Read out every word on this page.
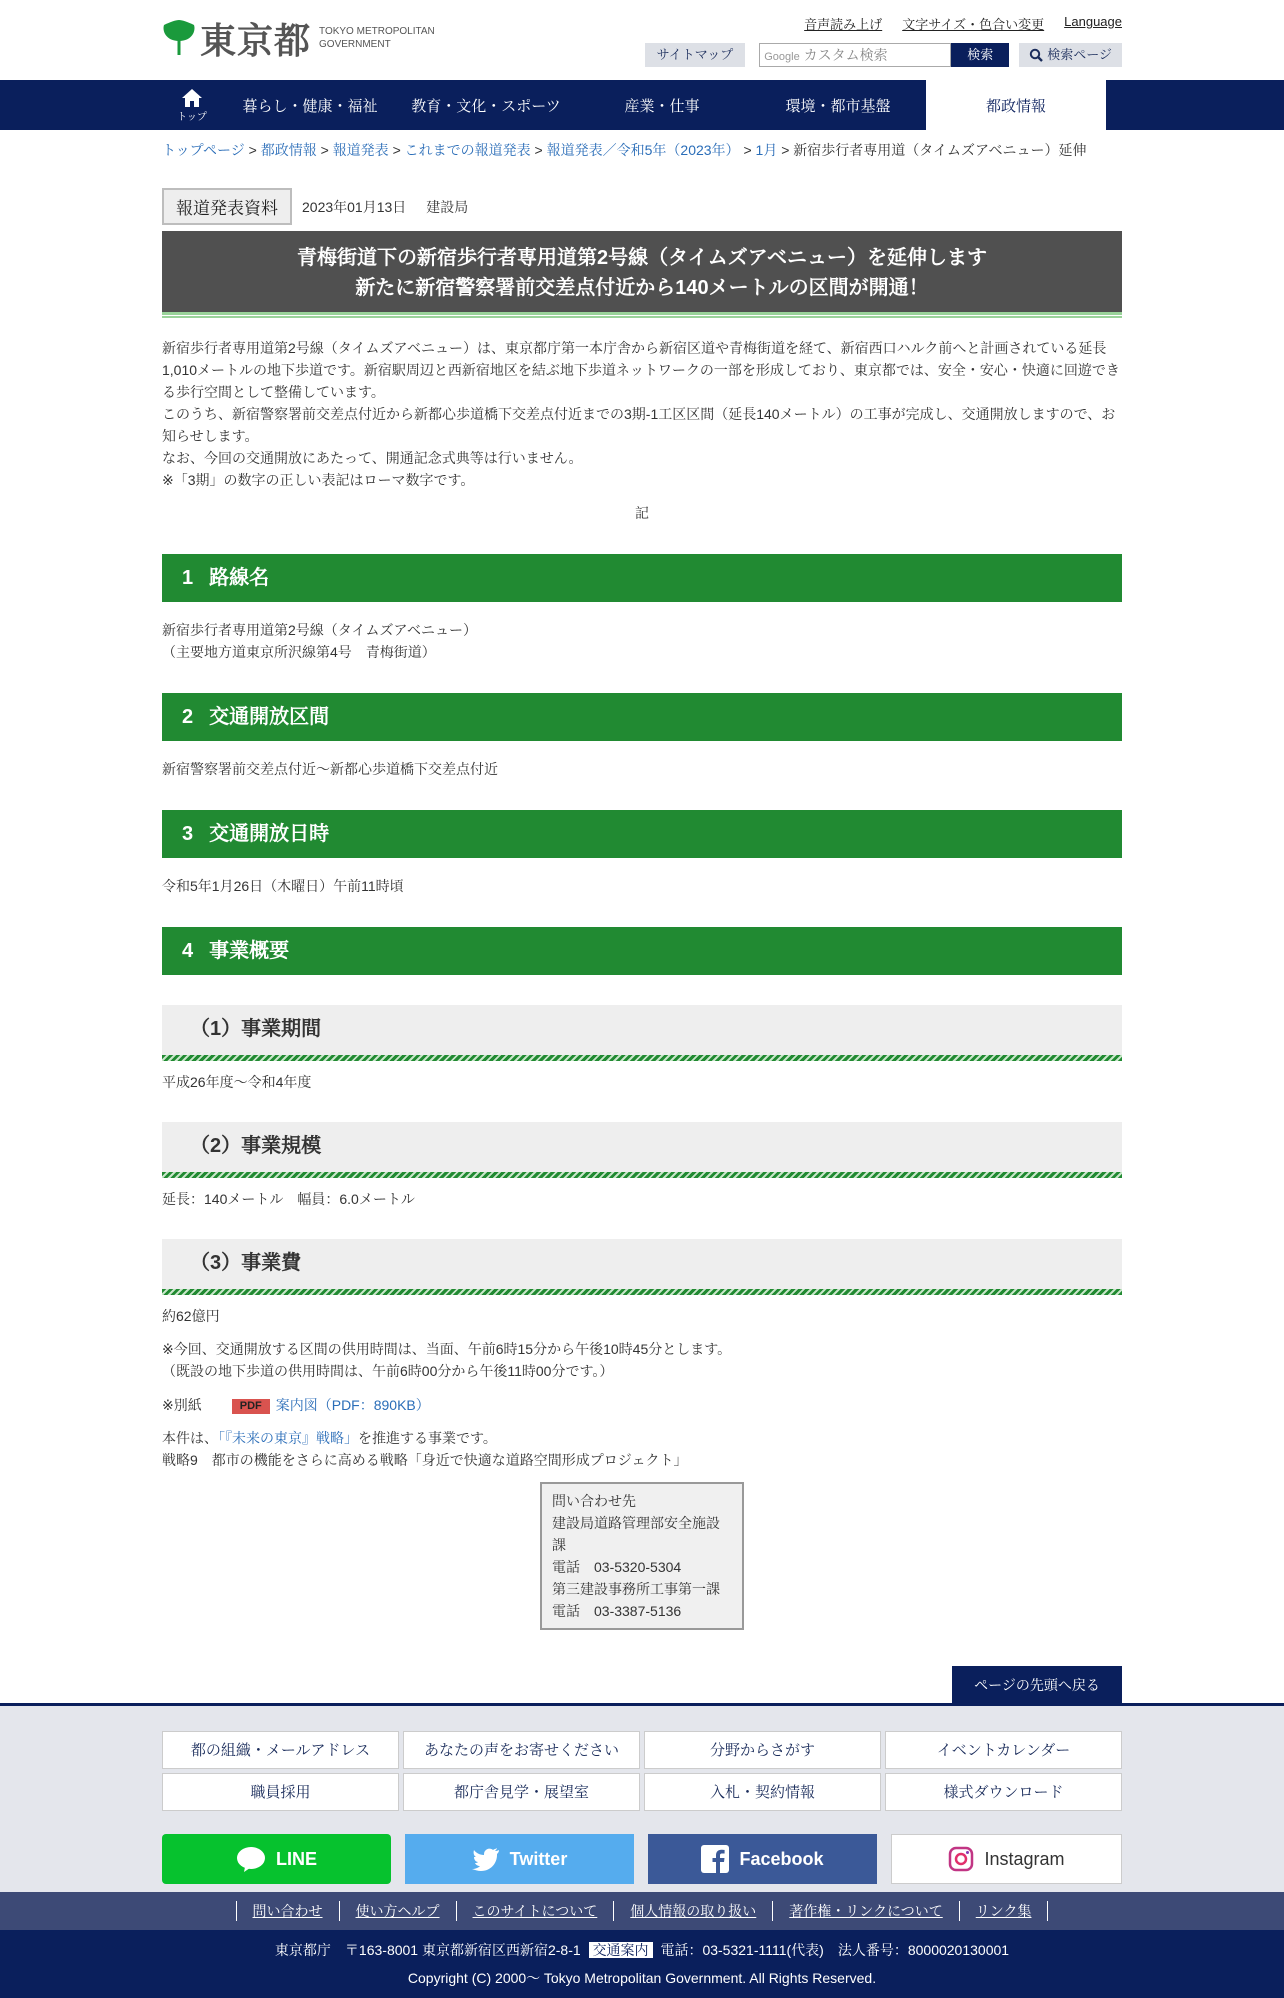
東京都 TOKYO METROPOLITAN
GOVERNMENT
音声読み上げ 文字サイズ・色合い変更 Language
サイトマップ	Google カスタム検索	検索	検索ページ
トップ
暮らし・健康・福祉	教育・文化・スポーツ	産業・仕事	環境・都市基盤	都政情報
トップページ > 都政情報 > 報道発表 > これまでの報道発表 > 報道発表／令和5年（2023年） > 1月 > 新宿歩行者専用道（タイムズアベニュー）延伸
報道発表資料	2023年01月13日 建設局
青梅街道下の新宿歩行者専用道第2号線（タイムズアベニュー）を延伸します
新たに新宿警察署前交差点付近から140メートルの区間が開通！

新宿歩行者専用道第2号線（タイムズアベニュー）は、東京都庁第一本庁舎から新宿区道や青梅街道を経て、新宿西口ハルク前へと計画されている延長1,010メートルの地下歩道です。新宿駅周辺と西新宿地区を結ぶ地下歩道ネットワークの一部を形成しており、東京都では、安全・安心・快適に回遊できる歩行空間として整備しています。

このうち、新宿警察署前交差点付近から新都心歩道橋下交差点付近までの3期-1工区区間（延長140メートル）の工事が完成し、交通開放しますので、お知らせします。

なお、今回の交通開放にあたって、開通記念式典等は行いません。

※「3期」の数字の正しい表記はローマ数字です。

記
1 路線名
新宿歩行者専用道第2号線（タイムズアベニュー）
（主要地方道東京所沢線第4号　青梅街道）
2 交通開放区間
新宿警察署前交差点付近～新都心歩道橋下交差点付近
3 交通開放日時
令和5年1月26日（木曜日）午前11時頃
4 事業概要
（1）事業期間
平成26年度～令和4年度
（2）事業規模
延長：140メートル　幅員：6.0メートル
（3）事業費
約62億円
※今回、交通開放する区間の供用時間は、当面、午前6時15分から午後10時45分とします。
（既設の地下歩道の供用時間は、午前6時00分から午後11時00分です。）
※別紙	PDF 案内図（PDF：890KB）
本件は、「『未来の東京』戦略」を推進する事業です。
戦略9　都市の機能をさらに高める戦略「身近で快適な道路空間形成プロジェクト」
問い合わせ先
建設局道路管理部安全施設課
電話　03-5320-5304
第三建設事務所工事第一課
電話　03-3387-5136
ページの先頭へ戻る
都の組織・メールアドレス	あなたの声をお寄せください	分野からさがす	イベントカレンダー
職員採用	都庁舎見学・展望室	入札・契約情報	様式ダウンロード
LINE	Twitter	Facebook	Instagram
問い合わせ	使い方ヘルプ	このサイトについて	個人情報の取り扱い	著作権・リンクについて	リンク集
東京都庁　〒163-8001 東京都新宿区西新宿2-8-1 交通案内 電話：03-5321-1111(代表)　法人番号：8000020130001
Copyright (C) 2000～ Tokyo Metropolitan Government. All Rights Reserved.
